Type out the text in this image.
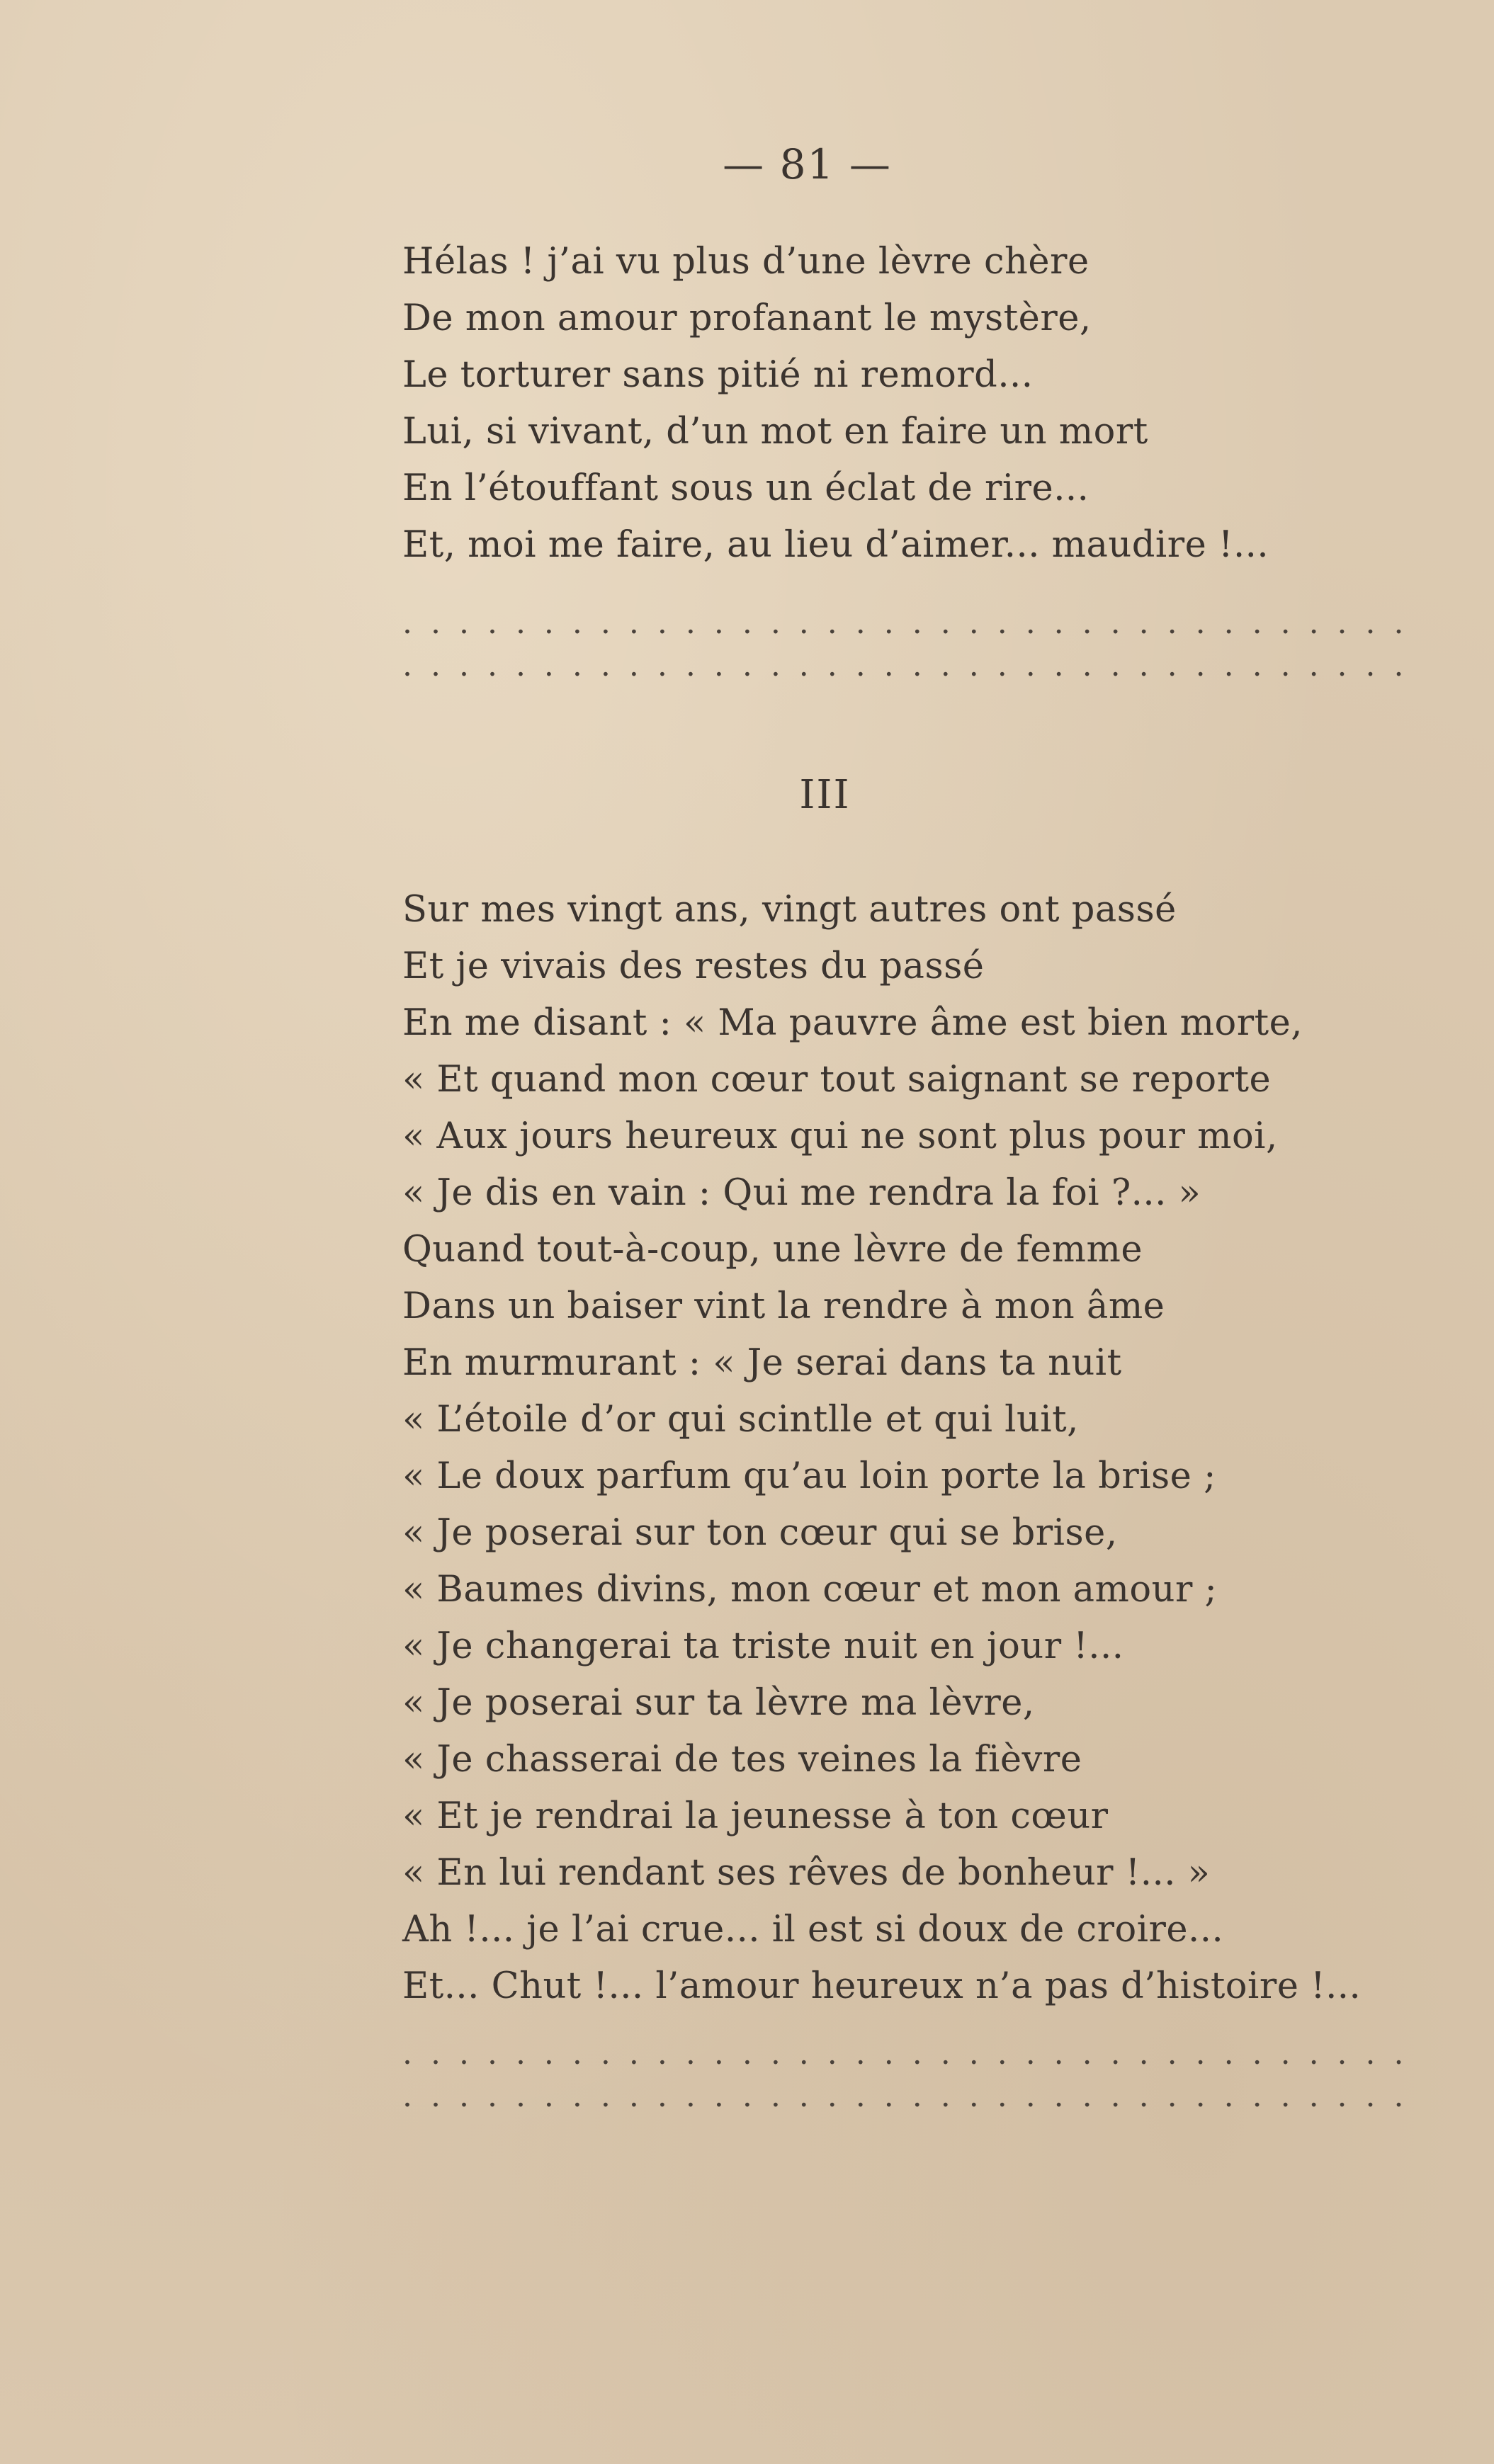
— 81 —
Hélas ! j’ai vu plus d’une lèvre chère
De mon amour profanant le mystère,
Le torturer sans pitié ni remord...
Lui, si vivant, d’un mot en faire un mort
En l’étouffant sous un éclat de rire...
Et, moi me faire, au lieu d’aimer... maudire !...
....................................
....................................
III
Sur mes vingt ans, vingt autres ont passé
Et je vivais des restes du passé
En me disant : « Ma pauvre âme est bien morte,
« Et quand mon cœur tout saignant se reporte
« Aux jours heureux qui ne sont plus pour moi,
« Je dis en vain : Qui me rendra la foi ?... »
Quand tout-à-coup, une lèvre de femme
Dans un baiser vint la rendre à mon âme
En murmurant : « Je serai dans ta nuit
« L’étoile d’or qui scintlle et qui luit,
« Le doux parfum qu’au loin porte la brise ;
« Je poserai sur ton cœur qui se brise,
« Baumes divins, mon cœur et mon amour ;
« Je changerai ta triste nuit en jour !...
« Je poserai sur ta lèvre ma lèvre,
« Je chasserai de tes veines la fièvre
« Et je rendrai la jeunesse à ton cœur
« En lui rendant ses rêves de bonheur !... »
Ah !... je l’ai crue... il est si doux de croire...
Et... Chut !... l’amour heureux n’a pas d’histoire !...
....................................
....................................
